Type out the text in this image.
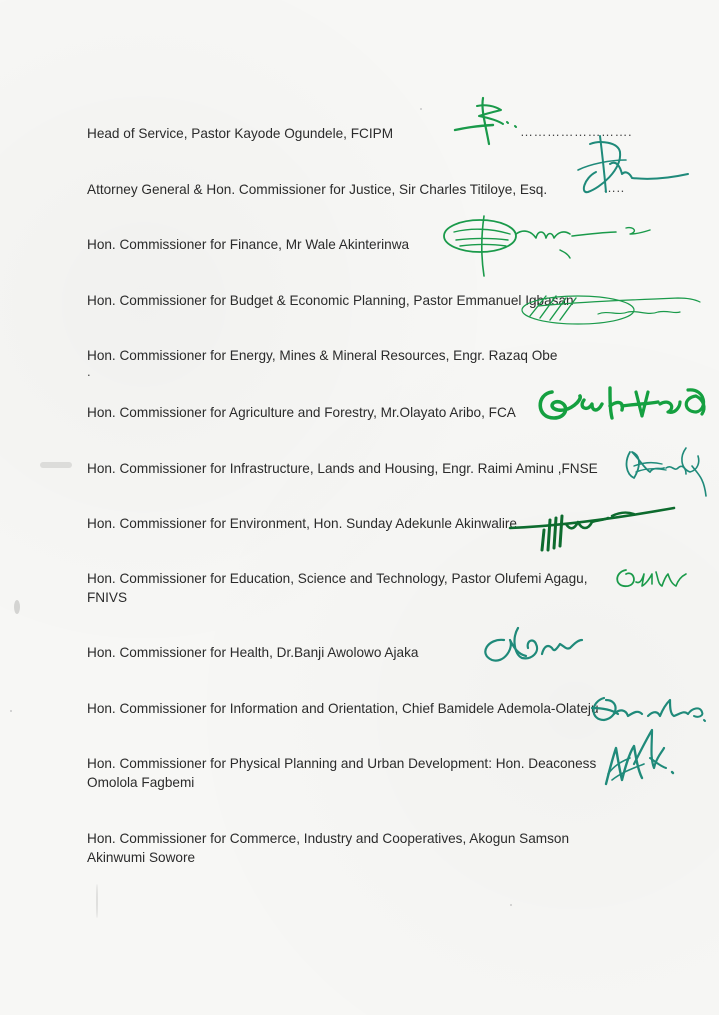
Head of Service, Pastor Kayode Ogundele, FCIPM	…………………….
Attorney General & Hon. Commissioner for Justice, Sir Charles Titiloye, Esq.	…..
Hon. Commissioner for Finance, Mr Wale Akinterinwa
Hon. Commissioner for Budget & Economic Planning, Pastor Emmanuel Igbasan
Hon. Commissioner for Energy, Mines & Mineral Resources, Engr. Razaq Obe
.
Hon. Commissioner for Agriculture and Forestry, Mr.Olayato Aribo, FCA
Hon. Commissioner for Infrastructure, Lands and Housing, Engr. Raimi Aminu ,FNSE
Hon. Commissioner for Environment, Hon. Sunday Adekunle Akinwalire
Hon. Commissioner for Education, Science and Technology, Pastor Olufemi Agagu, FNIVS
Hon. Commissioner for Health, Dr.Banji Awolowo Ajaka
Hon. Commissioner for Information and Orientation, Chief Bamidele Ademola-Olateju
Hon. Commissioner for Physical Planning and Urban Development: Hon. Deaconess Omolola Fagbemi
Hon. Commissioner for Commerce, Industry and Cooperatives, Akogun Samson Akinwumi Sowore
